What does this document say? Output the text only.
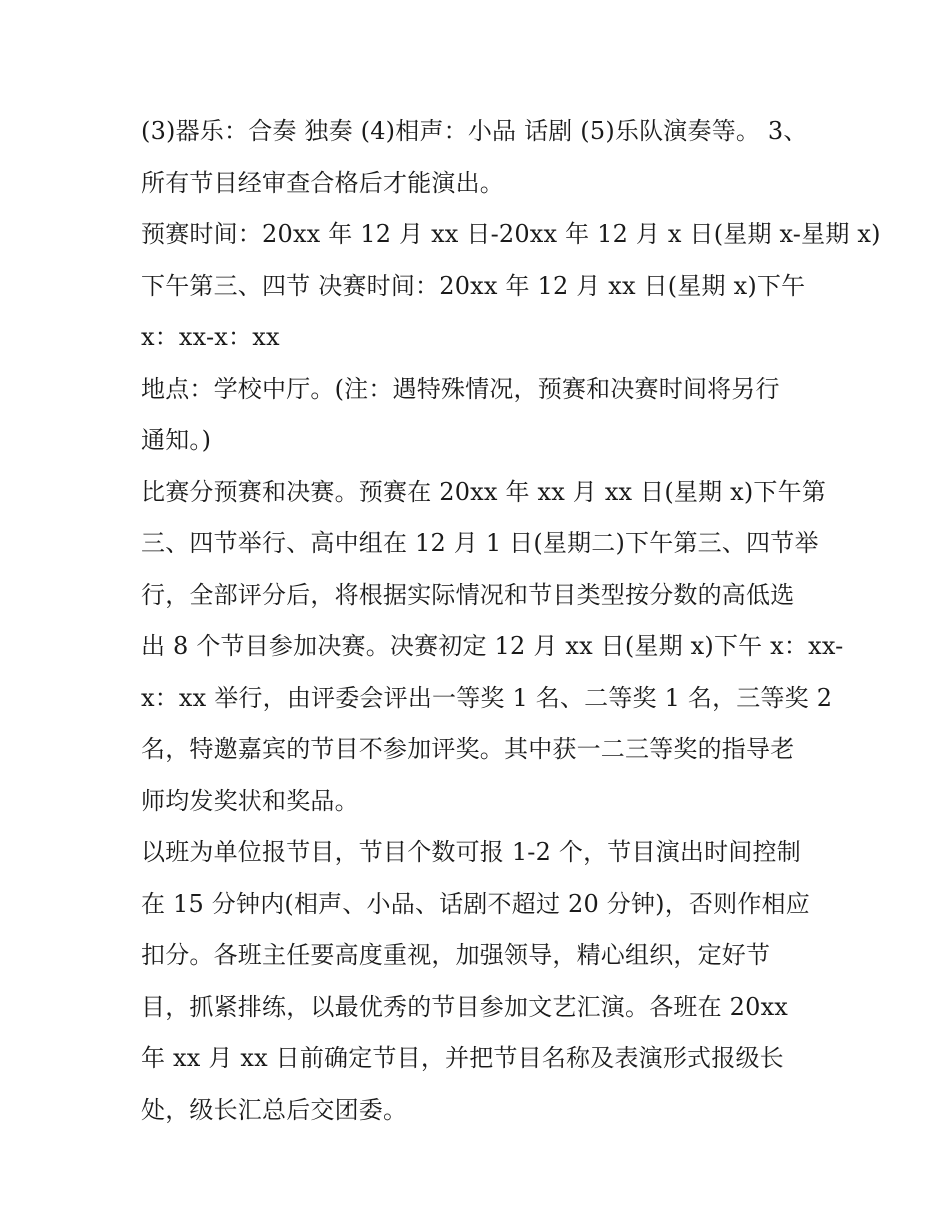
(3)器乐：合奏 独奏 (4)相声：小品 话剧 (5)乐队演奏等。 3、
所有节目经审查合格后才能演出。
预赛时间：20xx 年 12 月 xx 日-20xx 年 12 月 x 日(星期 x-星期 x)
下午第三、四节 决赛时间：20xx 年 12 月 xx 日(星期 x)下午
x：xx-x：xx
地点：学校中厅。(注：遇特殊情况，预赛和决赛时间将另行
通知。)
比赛分预赛和决赛。预赛在 20xx 年 xx 月 xx 日(星期 x)下午第
三、四节举行、高中组在 12 月 1 日(星期二)下午第三、四节举
行，全部评分后，将根据实际情况和节目类型按分数的高低选
出 8 个节目参加决赛。决赛初定 12 月 xx 日(星期 x)下午 x：xx-
x：xx 举行，由评委会评出一等奖 1 名、二等奖 1 名，三等奖 2
名，特邀嘉宾的节目不参加评奖。其中获一二三等奖的指导老
师均发奖状和奖品。
以班为单位报节目，节目个数可报 1-2 个，节目演出时间控制
在 15 分钟内(相声、小品、话剧不超过 20 分钟)，否则作相应
扣分。各班主任要高度重视，加强领导，精心组织，定好节
目，抓紧排练，以最优秀的节目参加文艺汇演。各班在 20xx
年 xx 月 xx 日前确定节目，并把节目名称及表演形式报级长
处，级长汇总后交团委。
